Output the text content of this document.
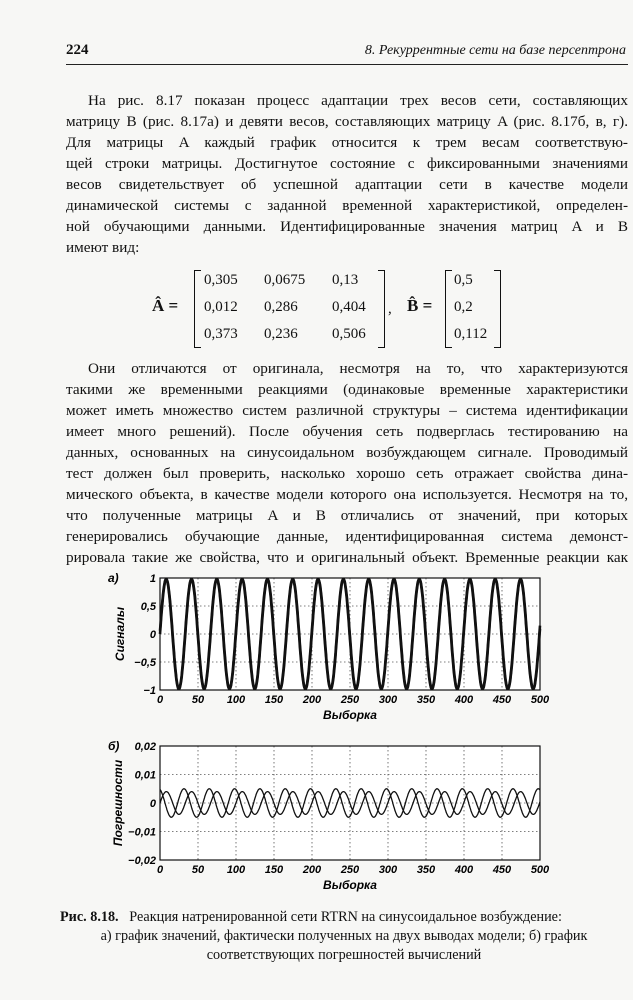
224	8. Рекуррентные сети на базе персептрона
На рис. 8.17 показан процесс адаптации трех весов сети, составляющих
матрицу B (рис. 8.17a) и девяти весов, составляющих матрицу A (рис. 8.17б, в, г).
Для матрицы A каждый график относится к трем весам соответствую-
щей строки матрицы. Достигнутое состояние с фиксированными значениями
весов свидетельствует об успешной адаптации сети в качестве модели
динамической системы с заданной временной характеристикой, определен-
ной обучающими данными. Идентифицированные значения матриц A и B
имеют вид:
Â =
0,305 0,0675 0,13
0,012 0,286 0,404
0,373 0,236 0,506
, B̂ =
0,5
0,2
0,112
Они отличаются от оригинала, несмотря на то, что характеризуются
такими же временными реакциями (одинаковые временные характеристики
может иметь множество систем различной структуры – система идентификации
имеет много решений). После обучения сеть подверглась тестированию на
данных, основанных на синусоидальном возбуждающем сигнале. Проводимый
тест должен был проверить, насколько хорошо сеть отражает свойства дина-
мического объекта, в качестве модели которого она используется. Несмотря на то,
что полученные матрицы A и B отличались от значений, при которых
генерировались обучающие данные, идентифицированная система демонст-
рировала такие же свойства, что и оригинальный объект. Временные реакции как
а)
0	50 100 150 200 250 300 350 400 450 500
1
0,5
0
−0,5
−1
Выборка
Сигналы
б)
0	50 100 150 200 250 300 350 400 450 500
0,02
0,01
0
−0,01
−0,02
Выборка
Погрешности
Рис. 8.18. Реакция натренированной сети RTRN на синусоидальное возбуждение:
а) график значений, фактически полученных на двух выводах модели; б) график
соответствующих погрешностей вычислений
